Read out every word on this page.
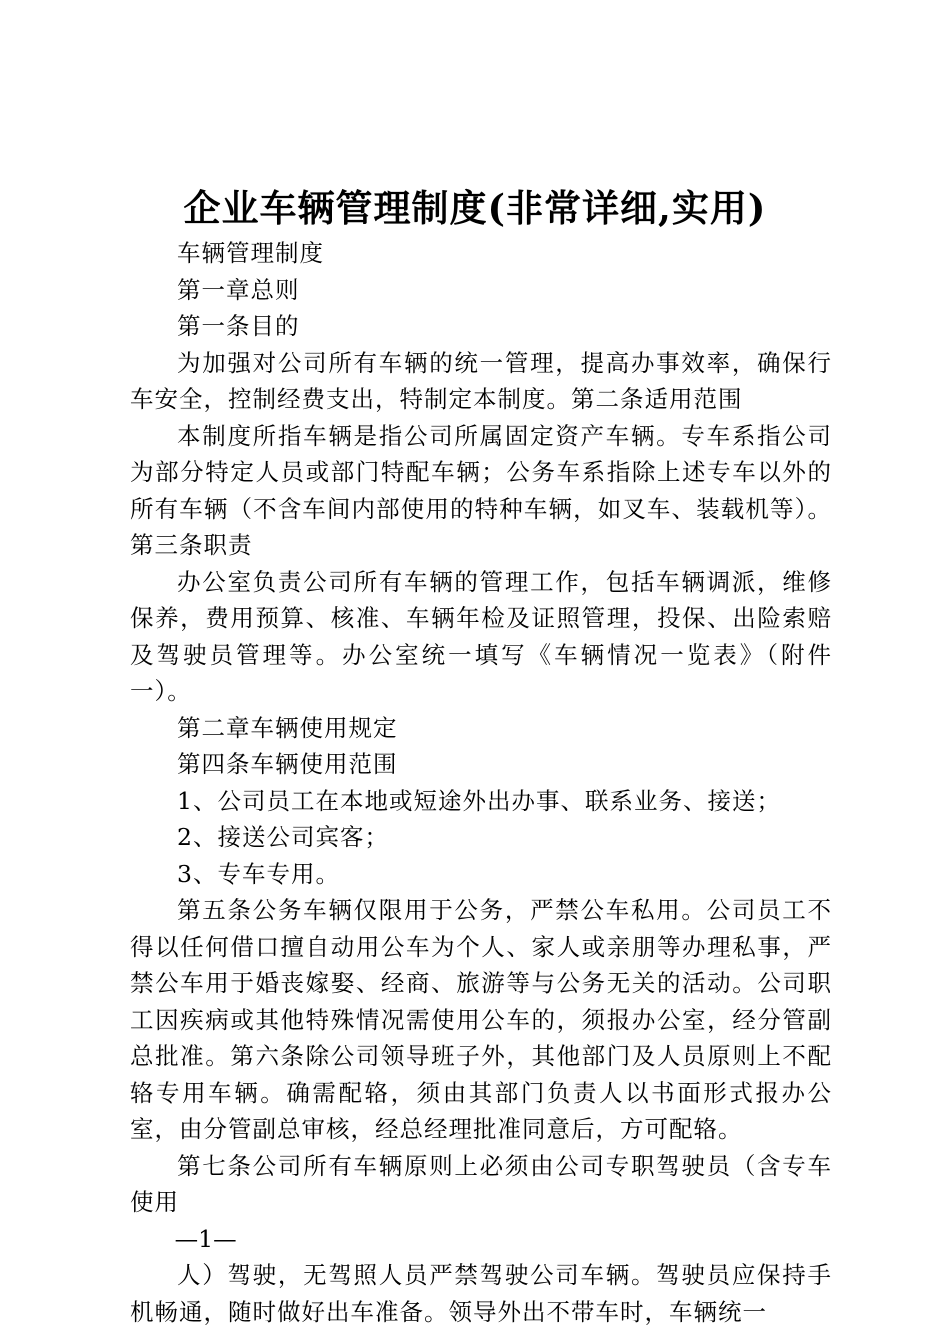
企业车辆管理制度(非常详细,实用)

车辆管理制度

第一章总则

第一条目的

为加强对公司所有车辆的统一管理，提高办事效率，确保行车安全，控制经费支出，特制定本制度。第二条适用范围

本制度所指车辆是指公司所属固定资产车辆。专车系指公司为部分特定人员或部门特配车辆；公务车系指除上述专车以外的所有车辆（不含车间内部使用的特种车辆，如叉车、装载机等）。第三条职责

办公室负责公司所有车辆的管理工作，包括车辆调派，维修保养，费用预算、核准、车辆年检及证照管理，投保、出险索赔及驾驶员管理等。办公室统一填写《车辆情况一览表》（附件一）。

第二章车辆使用规定

第四条车辆使用范围

1、公司员工在本地或短途外出办事、联系业务、接送；

2、接送公司宾客；

3、专车专用。

第五条公务车辆仅限用于公务，严禁公车私用。公司员工不得以任何借口擅自动用公车为个人、家人或亲朋等办理私事，严禁公车用于婚丧嫁娶、经商、旅游等与公务无关的活动。公司职工因疾病或其他特殊情况需使用公车的，须报办公室，经分管副总批准。第六条除公司领导班子外，其他部门及人员原则上不配辂专用车辆。确需配辂，须由其部门负责人以书面形式报办公室，由分管副总审核，经总经理批准同意后，方可配辂。

第七条公司所有车辆原则上必须由公司专职驾驶员（含专车使用

—1—

人）驾驶，无驾照人员严禁驾驶公司车辆。驾驶员应保持手机畅通，随时做好出车准备。领导外出不带车时，车辆统一
